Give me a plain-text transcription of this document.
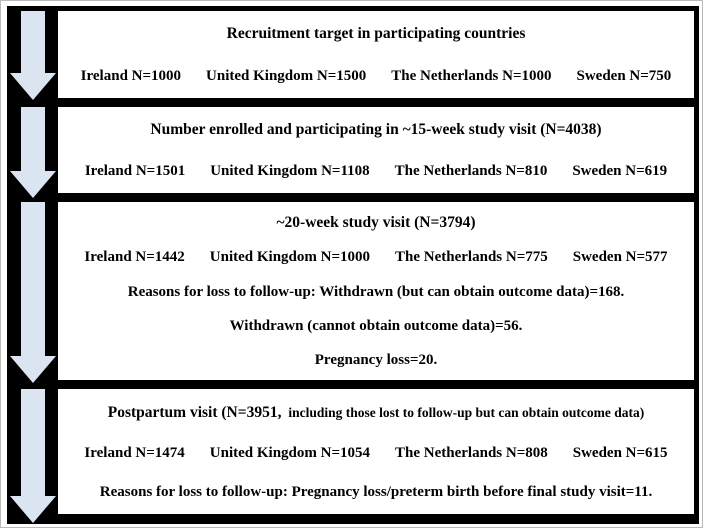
Recruitment target in participating countries
Ireland N=1000 United Kingdom N=1500 The Netherlands N=1000 Sweden N=750
Number enrolled and participating in ~15-week study visit (N=4038)
Ireland N=1501 United Kingdom N=1108 The Netherlands N=810 Sweden N=619
~20-week study visit (N=3794)
Ireland N=1442 United Kingdom N=1000 The Netherlands N=775 Sweden N=577
Reasons for loss to follow-up: Withdrawn (but can obtain outcome data)=168.
Withdrawn (cannot obtain outcome data)=56.
Pregnancy loss=20.
Postpartum visit (N=3951, including those lost to follow-up but can obtain outcome data)
Ireland N=1474 United Kingdom N=1054 The Netherlands N=808 Sweden N=615
Reasons for loss to follow-up: Pregnancy loss/preterm birth before final study visit=11.
